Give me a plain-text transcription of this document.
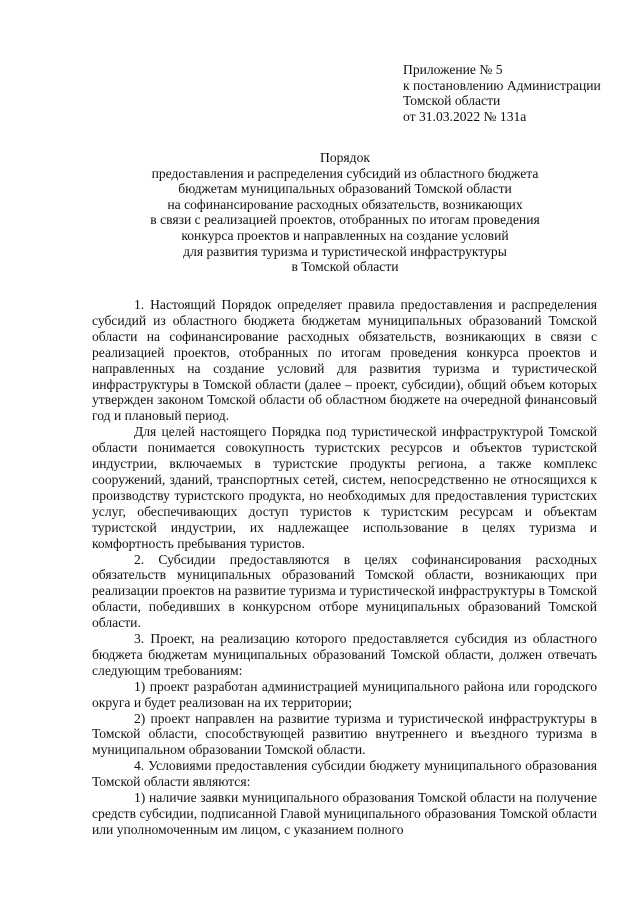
Приложение № 5
к постановлению Администрации
Томской области
от 31.03.2022 № 131а
Порядок
предоставления и распределения субсидий из областного бюджета
бюджетам муниципальных образований Томской области
на софинансирование расходных обязательств, возникающих
в связи с реализацией проектов, отобранных по итогам проведения
конкурса проектов и направленных на создание условий
для развития туризма и туристической инфраструктуры
в Томской области

1. Настоящий Порядок определяет правила предоставления и распределения субсидий из областного бюджета бюджетам муниципальных образований Томской области на софинансирование расходных обязательств, возникающих в связи с реализацией проектов, отобранных по итогам проведения конкурса проектов и направленных на создание условий для развития туризма и туристической инфраструктуры в Томской области (далее – проект, субсидии), общий объем которых утвержден законом Томской области об областном бюджете на очередной финансовый год и плановый период.

Для целей настоящего Порядка под туристической инфраструктурой Томской области понимается совокупность туристских ресурсов и объектов туристской индустрии, включаемых в туристские продукты региона, а также комплекс сооружений, зданий, транспортных сетей, систем, непосредственно не относящихся к производству туристского продукта, но необходимых для предоставления туристских услуг, обеспечивающих доступ туристов к туристским ресурсам и объектам туристской индустрии, их надлежащее использование в целях туризма и комфортность пребывания туристов.

2. Субсидии предоставляются в целях софинансирования расходных обязательств муниципальных образований Томской области, возникающих при реализации проектов на развитие туризма и туристической инфраструктуры в Томской области, победивших в конкурсном отборе муниципальных образований Томской области.

3. Проект, на реализацию которого предоставляется субсидия из областного бюджета бюджетам муниципальных образований Томской области, должен отвечать следующим требованиям:

1) проект разработан администрацией муниципального района или городского округа и будет реализован на их территории;

2) проект направлен на развитие туризма и туристической инфраструктуры в Томской области, способствующей развитию внутреннего и въездного туризма в муниципальном образовании Томской области.

4. Условиями предоставления субсидии бюджету муниципального образования Томской области являются:

1) наличие заявки муниципального образования Томской области на получение средств субсидии, подписанной Главой муниципального образования Томской области или уполномоченным им лицом, с указанием полного
